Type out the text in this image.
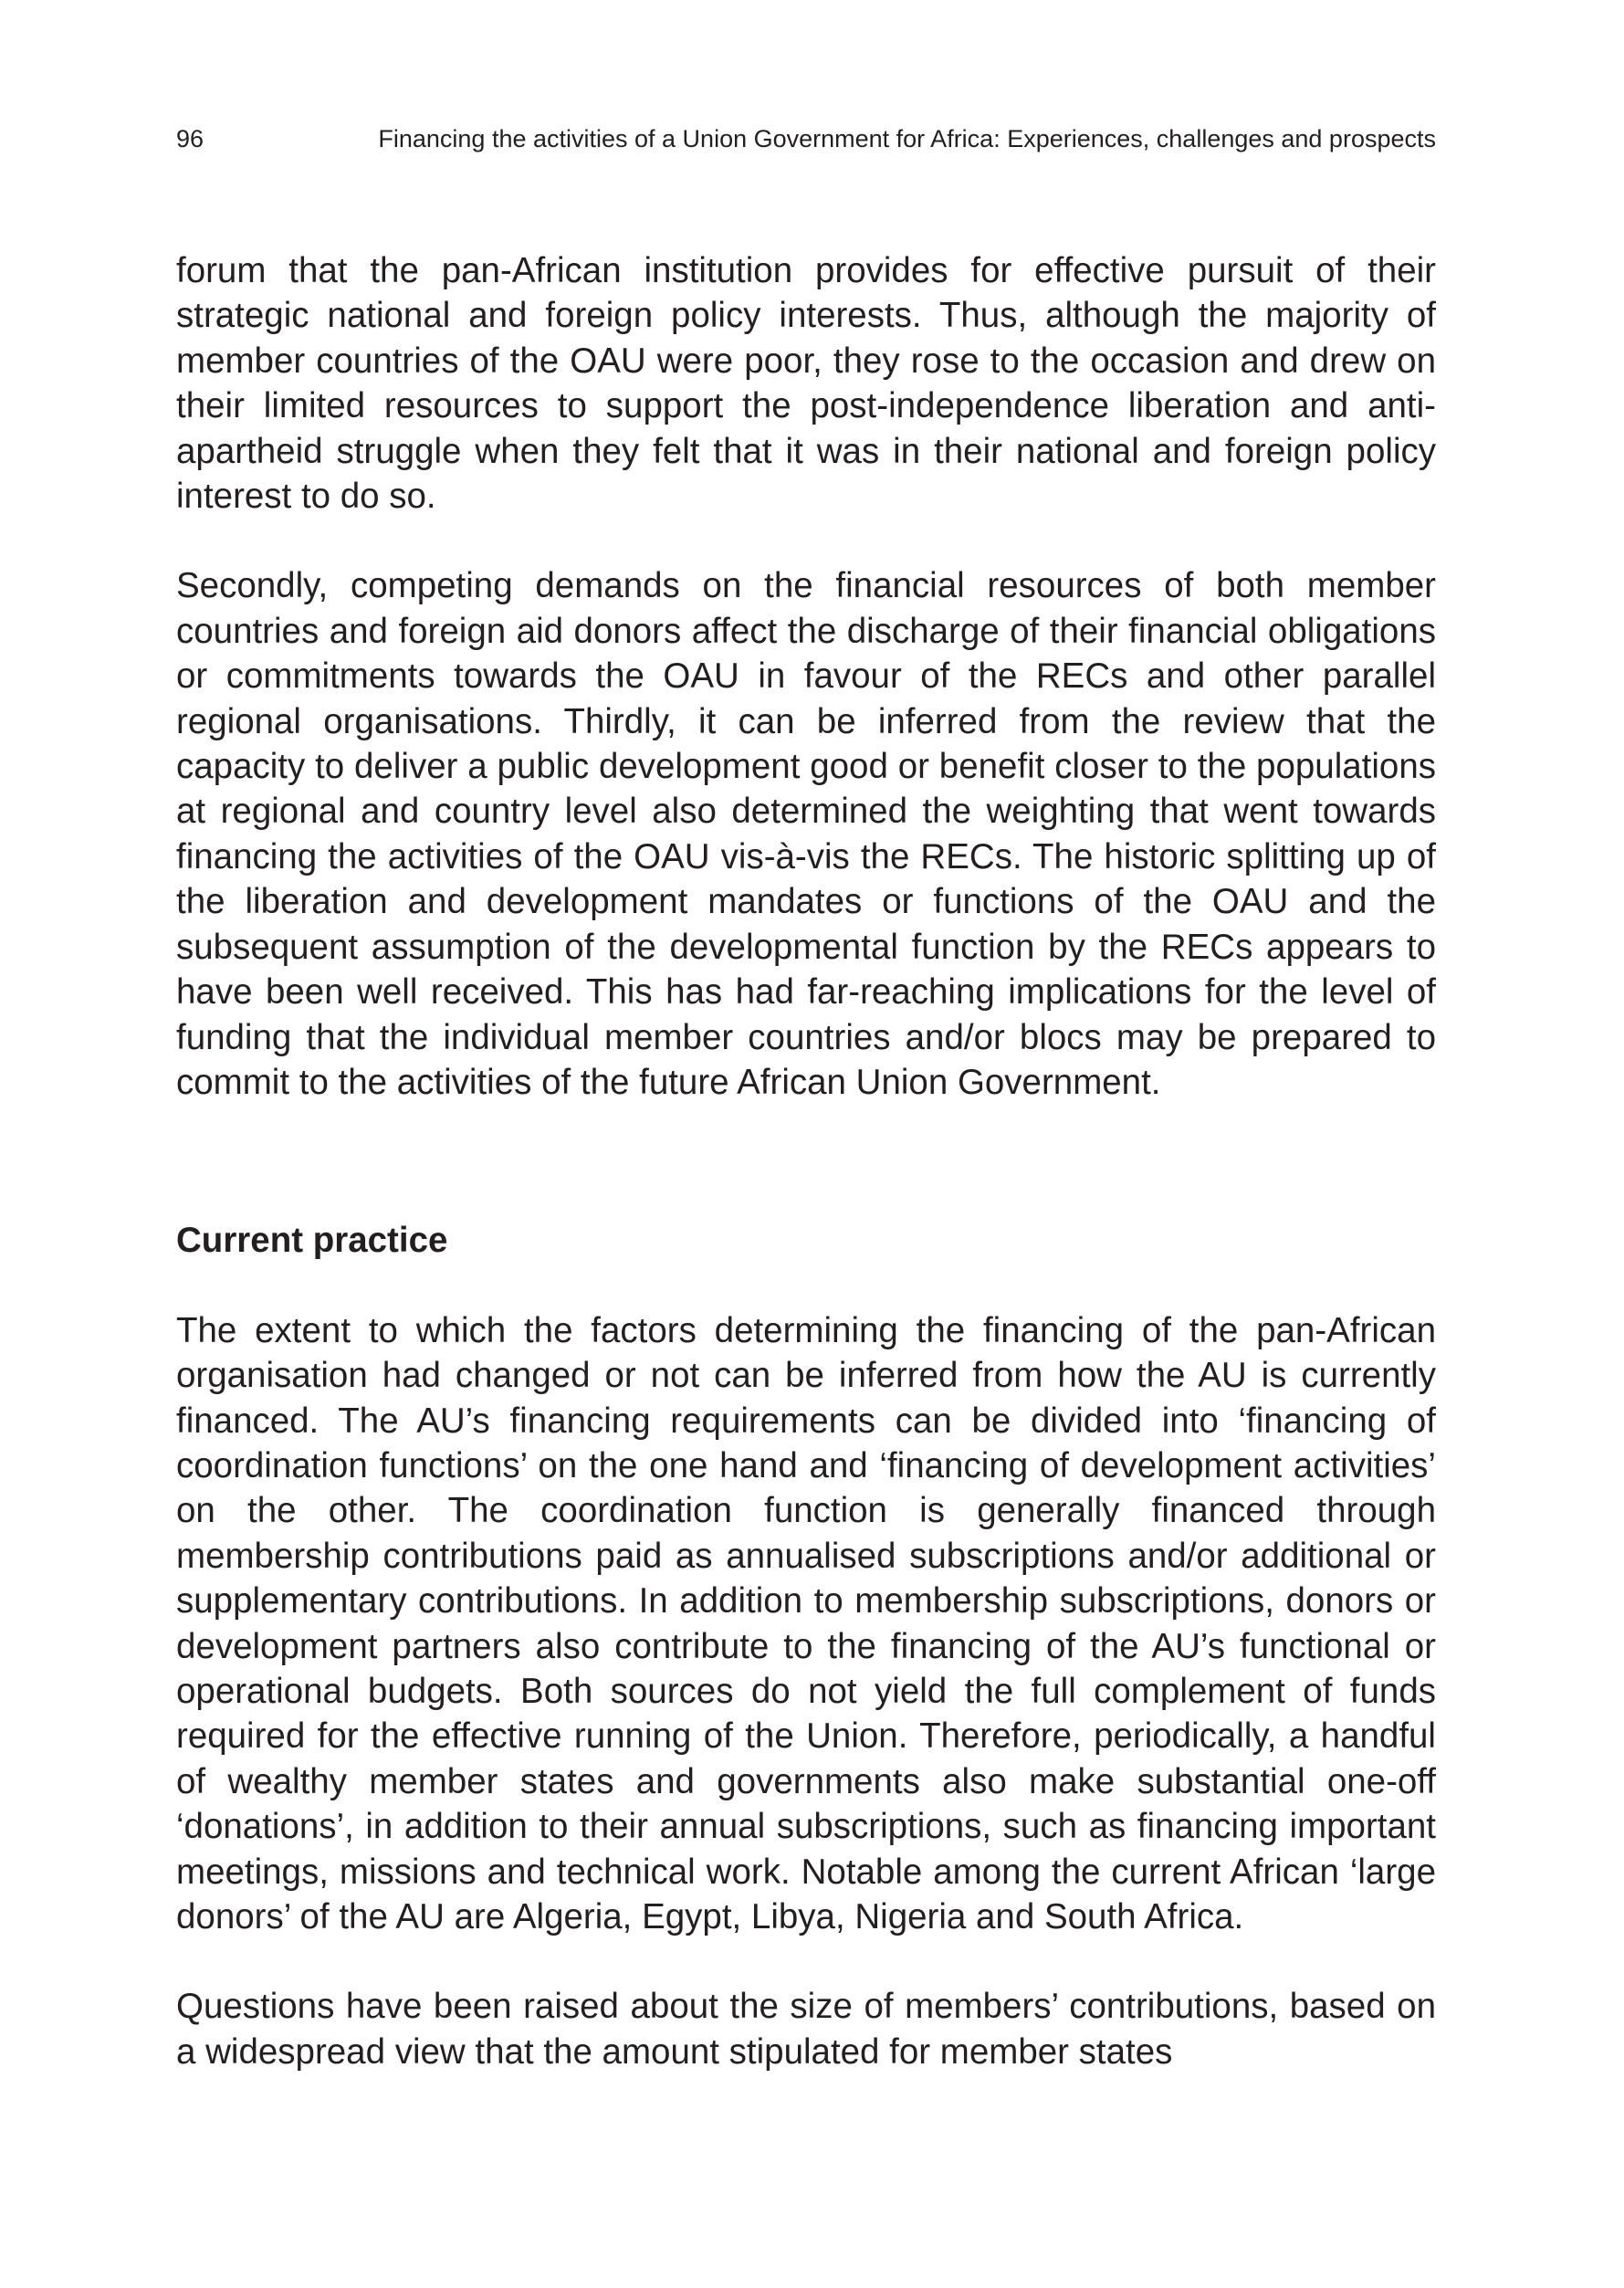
96	Financing the activities of a Union Government for Africa: Experiences, challenges and prospects

forum that the pan-African institution provides for effective pursuit of their strategic national and foreign policy interests. Thus, although the majority of member countries of the OAU were poor, they rose to the occasion and drew on their limited resources to support the post-independence liberation and anti-apartheid struggle when they felt that it was in their national and foreign policy interest to do so.

Secondly, competing demands on the financial resources of both member countries and foreign aid donors affect the discharge of their financial obligations or commitments towards the OAU in favour of the RECs and other parallel regional organisations. Thirdly, it can be inferred from the review that the capacity to deliver a public development good or benefit closer to the populations at regional and country level also determined the weighting that went towards financing the activities of the OAU vis-à-vis the RECs. The historic splitting up of the liberation and development mandates or functions of the OAU and the subsequent assumption of the developmental function by the RECs appears to have been well received. This has had far-reaching implications for the level of funding that the individual member countries and/or blocs may be prepared to commit to the activities of the future African Union Government.

Current practice

The extent to which the factors determining the financing of the pan-African organisation had changed or not can be inferred from how the AU is currently financed. The AU’s financing requirements can be divided into ‘financing of coordination functions’ on the one hand and ‘financing of development activities’ on the other. The coordination function is generally financed through membership contributions paid as annualised subscriptions and/or additional or supplementary contributions. In addition to membership subscriptions, donors or development partners also contribute to the financing of the AU’s functional or operational budgets. Both sources do not yield the full complement of funds required for the effective running of the Union. Therefore, periodically, a handful of wealthy member states and governments also make substantial one-off ‘donations’, in addition to their annual subscriptions, such as financing important meetings, missions and technical work. Notable among the current African ‘large donors’ of the AU are Algeria, Egypt, Libya, Nigeria and South Africa.

Questions have been raised about the size of members’ contributions, based on a widespread view that the amount stipulated for member states
